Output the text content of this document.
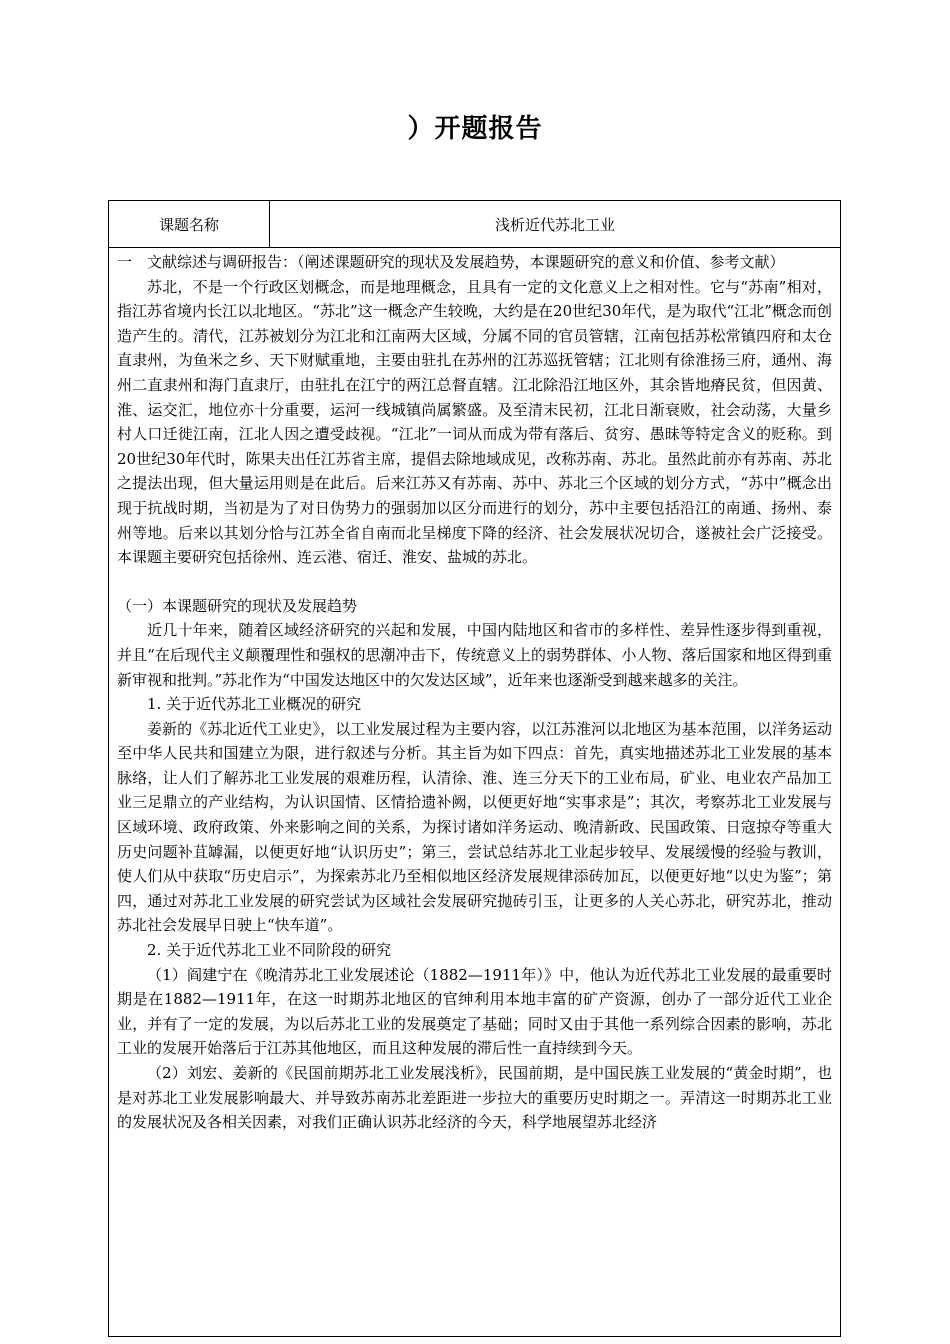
）开题报告
课题名称	浅析近代苏北工业

一　文献综述与调研报告：（阐述课题研究的现状及发展趋势，本课题研究的意义和价值、参考文献）

苏北，不是一个行政区划概念，而是地理概念，且具有一定的文化意义上之相对性。它与“苏南”相对，指江苏省境内长江以北地区。“苏北”这一概念产生较晚，大约是在20世纪30年代，是为取代“江北”概念而创造产生的。清代，江苏被划分为江北和江南两大区域，分属不同的官员管辖，江南包括苏松常镇四府和太仓直隶州，为鱼米之乡、天下财赋重地，主要由驻扎在苏州的江苏巡抚管辖；江北则有徐淮扬三府，通州、海州二直隶州和海门直隶厅，由驻扎在江宁的两江总督直辖。江北除沿江地区外，其余皆地瘠民贫，但因黄、淮、运交汇，地位亦十分重要，运河一线城镇尚属繁盛。及至清末民初，江北日渐衰败，社会动荡，大量乡村人口迁徙江南，江北人因之遭受歧视。“江北”一词从而成为带有落后、贫穷、愚昧等特定含义的贬称。到20世纪30年代时，陈果夫出任江苏省主席，提倡去除地域成见，改称苏南、苏北。虽然此前亦有苏南、苏北之提法出现，但大量运用则是在此后。后来江苏又有苏南、苏中、苏北三个区域的划分方式，“苏中”概念出现于抗战时期，当初是为了对日伪势力的强弱加以区分而进行的划分，苏中主要包括沿江的南通、扬州、泰州等地。后来以其划分恰与江苏全省自南而北呈梯度下降的经济、社会发展状况切合，遂被社会广泛接受。本课题主要研究包括徐州、连云港、宿迁、淮安、盐城的苏北。

（一）本课题研究的现状及发展趋势

近几十年来，随着区域经济研究的兴起和发展，中国内陆地区和省市的多样性、差异性逐步得到重视，并且“在后现代主义颠覆理性和强权的思潮冲击下，传统意义上的弱势群体、小人物、落后国家和地区得到重新审视和批判。”苏北作为“中国发达地区中的欠发达区域”，近年来也逐渐受到越来越多的关注。

1. 关于近代苏北工业概况的研究

姜新的《苏北近代工业史》，以工业发展过程为主要内容，以江苏淮河以北地区为基本范围，以洋务运动至中华人民共和国建立为限，进行叙述与分析。其主旨为如下四点：首先，真实地描述苏北工业发展的基本脉络，让人们了解苏北工业发展的艰难历程，认清徐、淮、连三分天下的工业布局，矿业、电业农产品加工业三足鼎立的产业结构，为认识国情、区情拾遗补阙，以便更好地“实事求是”；其次，考察苏北工业发展与区域环境、政府政策、外来影响之间的关系，为探讨诸如洋务运动、晚清新政、民国政策、日寇掠夺等重大历史问题补苴罅漏，以便更好地“认识历史”；第三，尝试总结苏北工业起步较早、发展缓慢的经验与教训，使人们从中获取“历史启示”，为探索苏北乃至相似地区经济发展规律添砖加瓦，以便更好地“以史为鉴”；第四，通过对苏北工业发展的研究尝试为区域社会发展研究抛砖引玉，让更多的人关心苏北，研究苏北，推动苏北社会发展早日驶上“快车道”。

2. 关于近代苏北工业不同阶段的研究

（1）阎建宁在《晚清苏北工业发展述论（1882—1911年）》中，他认为近代苏北工业发展的最重要时期是在1882—1911年，在这一时期苏北地区的官绅利用本地丰富的矿产资源，创办了一部分近代工业企业，并有了一定的发展，为以后苏北工业的发展奠定了基础；同时又由于其他一系列综合因素的影响，苏北工业的发展开始落后于江苏其他地区，而且这种发展的滞后性一直持续到今天。

（2）刘宏、姜新的《民国前期苏北工业发展浅析》，民国前期，是中国民族工业发展的“黄金时期”，也是对苏北工业发展影响最大、并导致苏南苏北差距进一步拉大的重要历史时期之一。弄清这一时期苏北工业的发展状况及各相关因素，对我们正确认识苏北经济的今天，科学地展望苏北经济
